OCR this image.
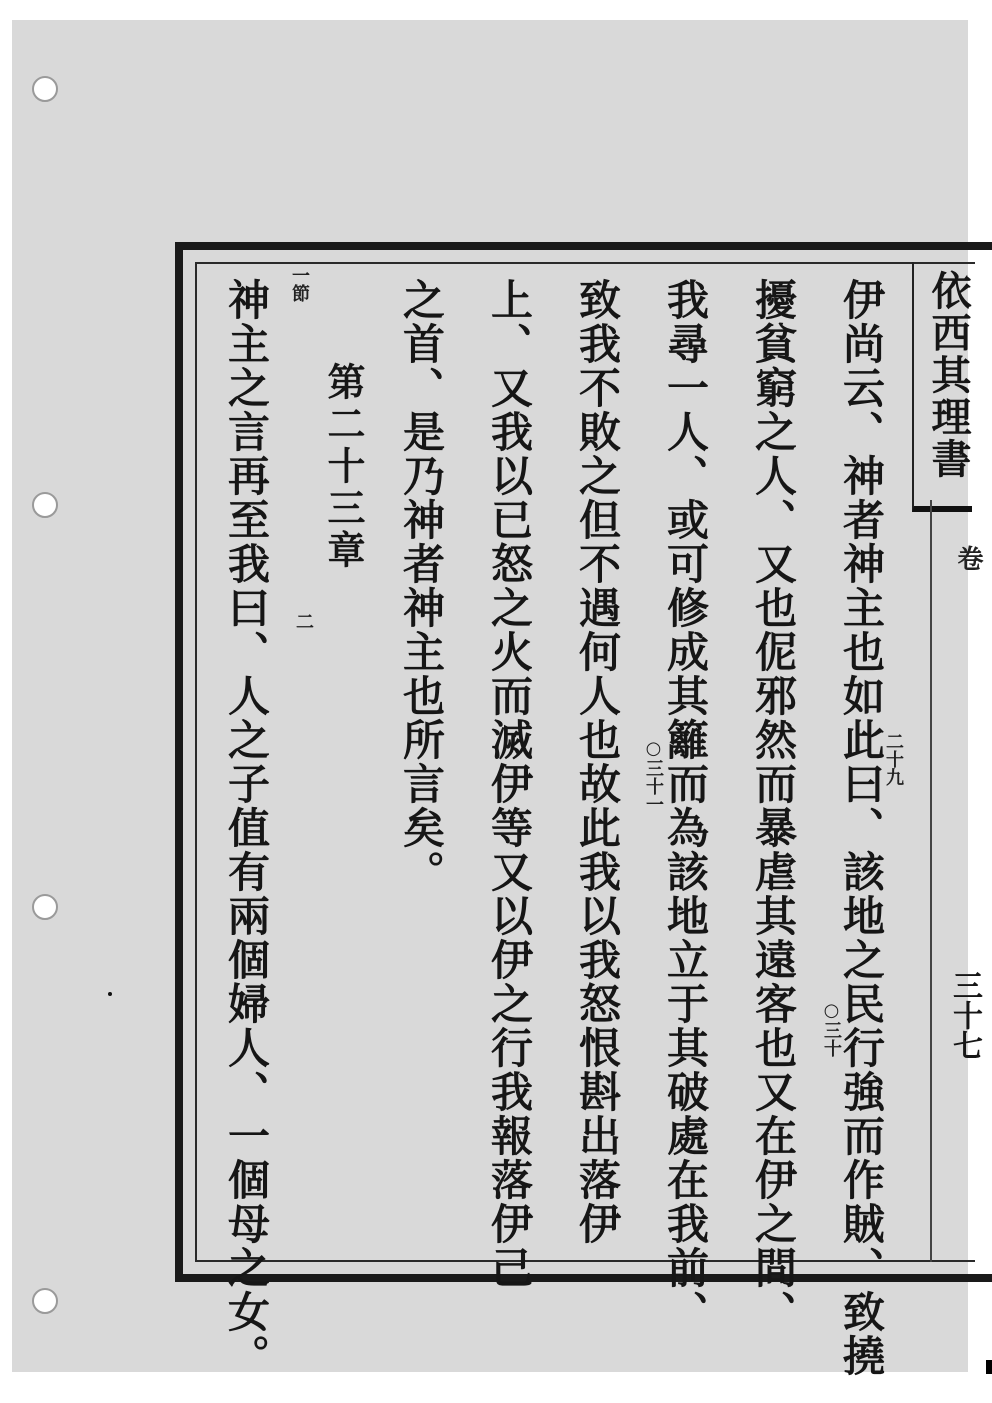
依西其理書
卷
三十七
伊尚云、神者神主也如此曰、該地之民行強而作賊、致撓
擾貧窮之人、又也伲邪然而暴虐其遠客也又在伊之間、
我尋一人、或可修成其籬而為該地立于其破處在我前、
致我不敗之但不遇何人也故此我以我怒恨斟出落伊
上、又我以已怒之火而滅伊等又以伊之行我報落伊己
之首、是乃神者神主也所言矣。	二十九
○三十
○三十一
一節
二
第二十三章
神主之言再至我曰、人之子值有兩個婦人、一個母之女。
